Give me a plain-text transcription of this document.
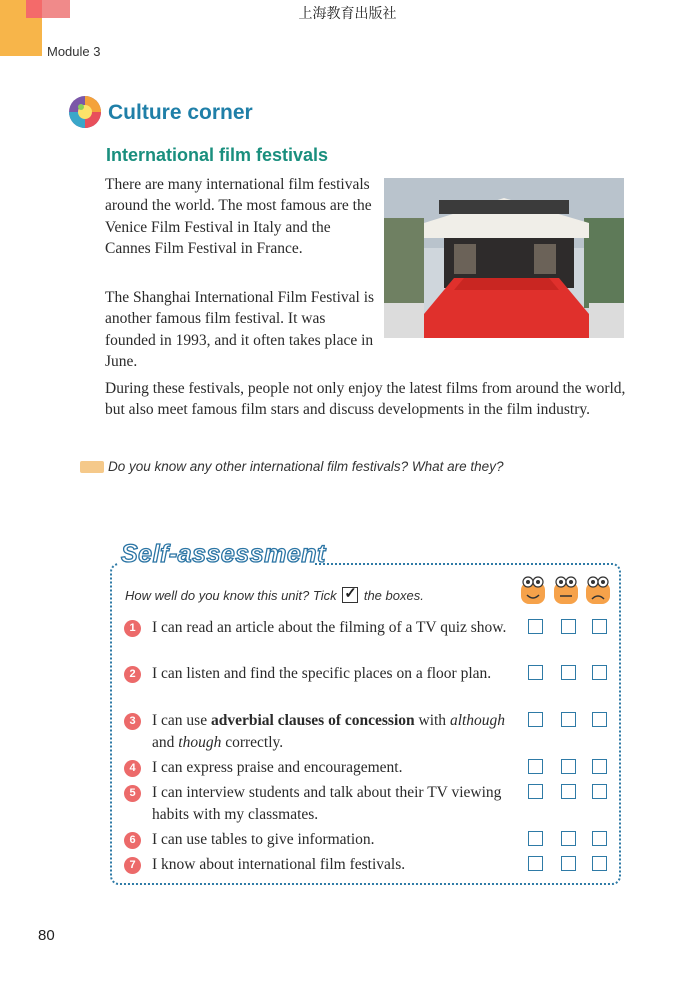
上海教育出版社
Module 3
Culture corner
International film festivals
There are many international film festivals around the world. The most famous are the Venice Film Festival in Italy and the Cannes Film Festival in France.
The Shanghai International Film Festival is another famous film festival. It was founded in 1993, and it often takes place in June.
During these festivals, people not only enjoy the latest films from around the world, but also meet famous film stars and discuss developments in the film industry.
Do you know any other international film festivals? What are they?
Self-assessment
How well do you know this unit? Tick ✓ the boxes.
1	I can read an article about the filming of a TV quiz show.
2	I can listen and find the specific places on a floor plan.
3	I can use adverbial clauses of concession with although and though correctly.
4	I can express praise and encouragement.
5	I can interview students and talk about their TV viewing habits with my classmates.
6	I can use tables to give information.
7	I know about international film festivals.
80
